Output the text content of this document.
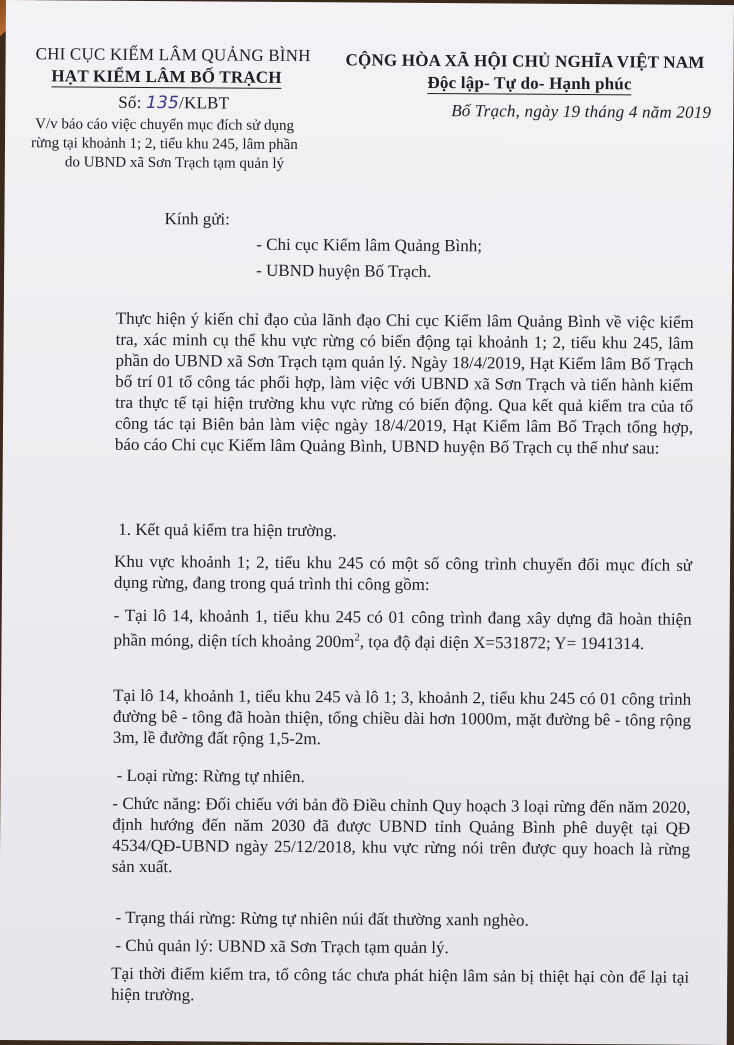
CHI CỤC KIỂM LÂM QUẢNG BÌNH
HẠT KIỂM LÂM BỐ TRẠCH
Số: 135/KLBT
V/v báo cáo việc chuyển mục đích sử dụng
rừng tại khoảnh 1; 2, tiểu khu 245, lâm phần
do UBND xã Sơn Trạch tạm quản lý
CỘNG HÒA XÃ HỘI CHỦ NGHĨA VIỆT NAM
Độc lập- Tự do- Hạnh phúc
Bố Trạch, ngày 19 tháng 4 năm 2019
Kính gửi:
- Chi cục Kiểm lâm Quảng Bình;
- UBND huyện Bố Trạch.
Thực hiện ý kiến chỉ đạo của lãnh đạo Chi cục Kiểm lâm Quảng Bình về việc kiểm tra, xác minh cụ thể khu vực rừng có biến động tại khoảnh 1; 2, tiểu khu 245, lâm phần do UBND xã Sơn Trạch tạm quản lý. Ngày 18/4/2019, Hạt Kiểm lâm Bố Trạch bố trí 01 tổ công tác phối hợp, làm việc với UBND xã Sơn Trạch và tiến hành kiểm tra thực tế tại hiện trường khu vực rừng có biến động. Qua kết quả kiểm tra của tổ công tác tại Biên bản làm việc ngày 18/4/2019, Hạt Kiểm lâm Bố Trạch tổng hợp, báo cáo Chi cục Kiểm lâm Quảng Bình, UBND huyện Bố Trạch cụ thể như sau:
1. Kết quả kiểm tra hiện trường.
Khu vực khoảnh 1; 2, tiểu khu 245 có một số công trình chuyển đổi mục đích sử dụng rừng, đang trong quá trình thi công gồm:
- Tại lô 14, khoảnh 1, tiểu khu 245 có 01 công trình đang xây dựng đã hoàn thiện phần móng, diện tích khoảng $200m^2$, tọa độ đại diện X=531872; Y= 1941314.
Tại lô 14, khoảnh 1, tiểu khu 245 và lô 1; 3, khoảnh 2, tiểu khu 245 có 01 công trình đường bê - tông đã hoàn thiện, tổng chiều dài hơn 1000m, mặt đường bê - tông rộng 3m, lề đường đất rộng 1,5-2m.
- Loại rừng: Rừng tự nhiên.
- Chức năng: Đối chiếu với bản đồ Điều chỉnh Quy hoạch 3 loại rừng đến năm 2020, định hướng đến năm 2030 đã được UBND tỉnh Quảng Bình phê duyệt tại QĐ 4534/QĐ-UBND ngày 25/12/2018, khu vực rừng nói trên được quy hoach là rừng sản xuất.
- Trạng thái rừng: Rừng tự nhiên núi đất thường xanh nghèo.
- Chủ quản lý: UBND xã Sơn Trạch tạm quản lý.
Tại thời điểm kiểm tra, tổ công tác chưa phát hiện lâm sản bị thiệt hại còn để lại tại hiện trường.
